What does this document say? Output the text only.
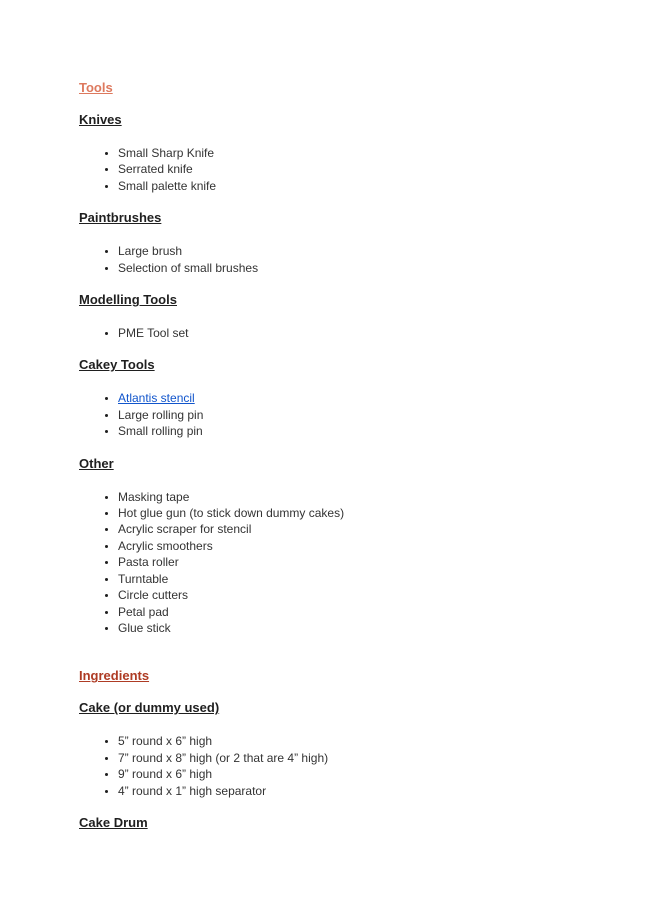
Tools
Knives
• Small Sharp Knife
• Serrated knife
• Small palette knife
Paintbrushes
• Large brush
• Selection of small brushes
Modelling Tools
• PME Tool set
Cakey Tools
• Atlantis stencil
• Large rolling pin
• Small rolling pin
Other
• Masking tape
• Hot glue gun (to stick down dummy cakes)
• Acrylic scraper for stencil
• Acrylic smoothers
• Pasta roller
• Turntable
• Circle cutters
• Petal pad
• Glue stick
Ingredients
Cake (or dummy used)
• 5” round x 6” high
• 7” round x 8” high (or 2 that are 4” high)
• 9” round x 6” high
• 4” round x 1” high separator
Cake Drum
